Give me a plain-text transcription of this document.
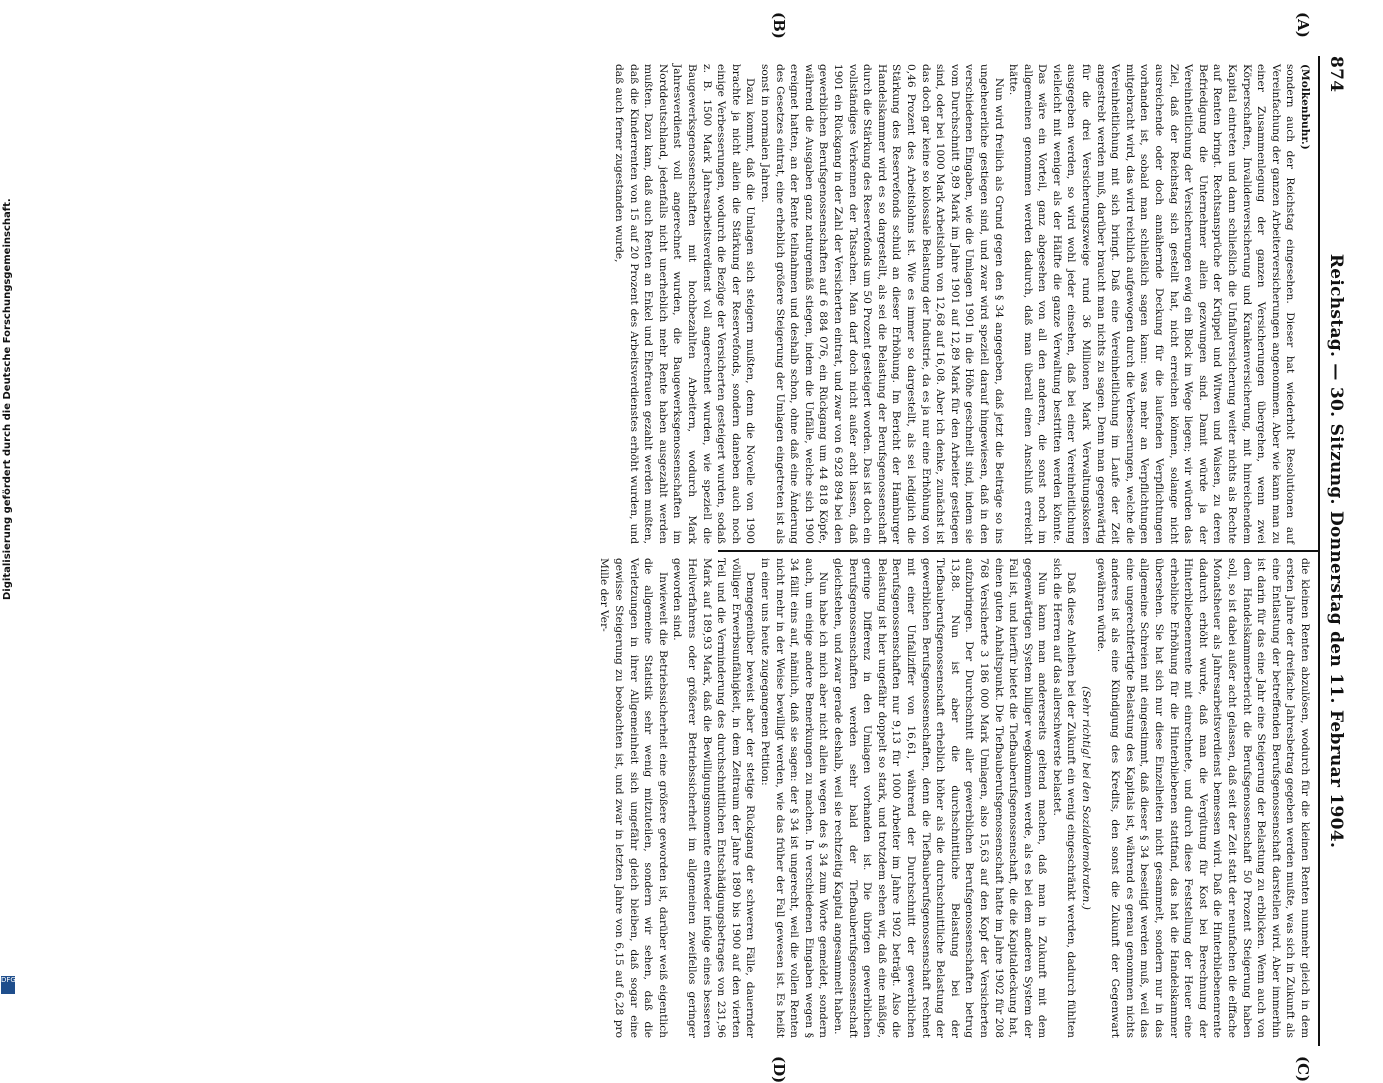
874
Reichstag. — 30. Sitzung. Donnerstag den 11. Februar 1904.
(A)
(B)
(C)
(D)

(Molkenbuhr.)

sondern auch der Reichstag eingesehen. Dieser hat wiederholt Resolutionen auf Vereinfachung der ganzen Arbeiterversicherungen angenommen. Aber wie kann man zu einer Zusammenlegung der ganzen Versicherungen übergehen, wenn zwei Körperschaften, Invalidenversicherung und Krankenversicherung, mit hinreichendem Kapital eintreten und dann schließlich die Unfallversicherung weiter nichts als Rechte auf Renten bringt. Rechtsansprüche der Krüppel und Witwen und Waisen, zu deren Befriedigung die Unternehmer allein gezwungen sind. Damit würde ja der Vereinheitlichung der Versicherungen ewig ein Block im Wege liegen; wir würden das Ziel, daß der Reichstag sich gestellt hat, nicht erreichen können, solange nicht ausreichende oder doch annähernde Deckung für die laufenden Verpflichtungen vorhanden ist, sobald man schließlich sagen kann: was mehr an Verpflichtungen mitgebracht wird, das wird reichlich aufgewogen durch die Verbesserungen, welche die Vereinheitlichung mit sich bringt. Daß eine Vereinheitlichung im Laufe der Zeit angestrebt werden muß, darüber braucht man nichts zu sagen. Denn man gegenwärtig für die drei Versicherungszweige rund 36 Millionen Mark Verwaltungskosten ausgegeben werden, so wird wohl jeder einsehen, daß bei einer Vereinheitlichung vielleicht mit weniger als der Hälfte die ganze Verwaltung bestritten werden könnte. Das wäre ein Vorteil, ganz abgesehen von all den anderen, die sonst noch im allgemeinen genommen werden dadurch, daß man überall einen Anschluß erreicht hätte.

Nun wird freilich als Grund gegen den § 34 angegeben, daß jetzt die Beiträge so ins ungeheuerliche gestiegen sind, und zwar wird speziell darauf hingewiesen, daß in den verschiedenen Eingaben, wie die Umlagen 1901 in die Höhe geschnellt sind, indem sie vom Durchschnitt 9,89 Mark im Jahre 1901 auf 12,89 Mark für den Arbeiter gestiegen sind, oder bei 1000 Mark Arbeitslohn von 12,68 auf 16,08. Aber ich denke, zunächst ist das doch gar keine so kolossale Belastung der Industrie, da es ja nur eine Erhöhung von 0,46 Prozent des Arbeitslohns ist. Wie es immer so dargestellt, als sei lediglich die Stärkung des Reservefonds schuld an dieser Erhöhung. Im Bericht der Hamburger Handelskammer wird es so dargestellt, als sei die Belastung der Berufsgenossenschaft durch die Stärkung des Reservefonds um 50 Prozent gesteigert worden. Das ist doch ein vollständiges Verkennen der Tatsachen. Man darf doch nicht außer acht lassen, daß 1901 ein Rückgang in der Zahl der Versicherten eintrat, und zwar von 6 928 894 bei den gewerblichen Berufsgenossenschaften auf 6 884 076, ein Rückgang um 44 818 Köpfe, während die Ausgaben ganz naturgemäß stiegen, indem die Unfälle, welche sich 1900 ereignet hatten, an der Rente teilnahmen und deshalb schon, ohne daß eine Änderung des Gesetzes eintrat, eine erheblich größere Steigerung der Umlagen eingetreten ist als sonst in normalen Jahren.

Dazu kommt, daß die Umlagen sich steigern mußten, denn die Novelle von 1900 brachte ja nicht allein die Stärkung der Reservefonds, sondern daneben auch noch einige Verbesserungen, wodurch die Bezüge der Versicherten gesteigert wurden, sodaß z. B. 1500 Mark Jahresarbeitsverdienst voll angerechnet wurden, wie speziell die Baugewerksgenossenschaften mit hochbezahlten Arbeitern, wodurch Mark Jahresverdienst voll angerechnet wurden, die Baugewerksgenossenschaften im Norddeutschland, jedenfalls nicht unerheblich mehr Rente haben ausgezahlt werden mußten. Dazu kam, daß auch Renten an Enkel und Ehefrauen gezahlt werden mußten, daß die Kinderrenten von 15 auf 20 Prozent des Arbeitsverdienstes erhöht wurden, und daß auch ferner zugestanden wurde,

die kleinen Renten abzulösen, wodurch für die kleinen Renten nunmehr gleich in dem ersten Jahre der dreifache Jahresbetrag gegeben werden mußte, was sich in Zukunft als eine Entlastung der betreffenden Berufsgenossenschaft darstellen wird. Aber immerhin ist darin für das eine Jahr eine Steigerung der Belastung zu erblicken. Wenn auch von dem Handelskammerbericht die Berufsgenossenschaft 50 Prozent Steigerung haben soll, so ist dabei außer acht gelassen, daß seit der Zeit statt der neunfachen die elffache Monatsheuer als Jahresarbeitsverdienst bemessen wird. Daß die Hinterbliebenenrente dadurch erhöht wurde, daß man die Vergütung für Kost bei Berechnung der Hinterbliebenenrente mit einrechnete, und durch diese Feststellung der Heuer eine erhebliche Erhöhung für die Hinterbliebenen stattfand, das hat die Handelskammer übersehen. Sie hat sich nur diese Einzelheiten nicht gesammelt, sondern nur in das allgemeine Schreien mit eingestimmt, daß dieser § 34 beseitigt werden muß, weil das eine ungerechtfertigte Belastung des Kapitals ist, während es genau genommen nichts anderes ist als eine Kündigung des Kredits, den sonst die Zukunft der Gegenwart gewähren würde.

(Sehr richtig! bei den Sozialdemokraten.)

Daß diese Anleihen bei der Zukunft ein wenig eingeschränkt werden, dadurch fühlten sich die Herren auf das allerschwerste belastet.

Nun kann man andererseits geltend machen, daß man in Zukunft mit dem gegenwärtigen System billiger wegkommen werde, als es bei dem anderen System der Fall ist, und hierfür bietet die Tiefbauberufsgenossenschaft, die die Kapitaldeckung hat, einen guten Anhaltspunkt. Die Tiefbauberufsgenossenschaft hatte im Jahre 1902 für 208 768 Versicherte 3 186 000 Mark Umlagen, also 15,63 auf den Kopf der Versicherten aufzubringen. Der Durchschnitt aller gewerblichen Berufsgenossenschaften betrug 13,88. Nun ist aber die durchschnittliche Belastung bei der Tiefbauberufsgenossenschaft erheblich höher als die durchschnittliche Belastung der gewerblichen Berufsgenossenschaften, denn die Tiefbauberufsgenossenschaft rechnet mit einer Unfallziffer von 16,61, während der Durchschnitt der gewerblichen Berufsgenossenschaften nur 9,13 für 1000 Arbeiter im Jahre 1902 beträgt. Also die Belastung ist hier ungefähr doppelt so stark, und trotzdem sehen wir, daß eine mäßige, geringe Differenz in den Umlagen vorhanden ist. Die übrigen gewerblichen Berufsgenossenschaften werden sehr bald der Tiefbauberufsgenossenschaft gleichstehen, und zwar gerade deshalb, weil sie rechtzeitig Kapital angesammelt haben.

Nun habe ich mich aber nicht allein wegen des § 34 zum Worte gemeldet, sondern auch, um einige andere Bemerkungen zu machen. In verschiedenen Eingaben wegen § 34 fällt eins auf, nämlich, daß sie sagen: der § 34 ist ungerecht, weil die vollen Renten nicht mehr in der Weise bewilligt werden, wie das früher der Fall gewesen ist. Es heißt in einer uns heute zugegangenen Petition:

Demgegenüber beweist aber der stetige Rückgang der schweren Fälle, dauernder völliger Erwerbsunfähigkeit, in dem Zeitraum der Jahre 1890 bis 1900 auf den vierten Teil und die Verminderung des durchschnittlichen Entschädigungsbetrages von 231,96 Mark auf 189,93 Mark, daß die Bewilligungsmomente entweder infolge eines besseren Heilverfahrens oder größerer Betriebssicherheit im allgemeinen zweifellos geringer geworden sind.

Inwieweit die Betriebssicherheit eine größere geworden ist, darüber weiß eigentlich die allgemeine Statistik sehr wenig mitzuteilen, sondern wir sehen, daß die Verletzungen in ihrer Allgemeinheit sich ungefähr gleich bleiben, daß sogar eine gewisse Steigerung zu beobachten ist, und zwar in letzten Jahre von 6,15 auf 6,28 pro Mille der Ver-

Digitalisierung gefördert durch die Deutsche Forschungsgemeinschaft.
DFG
